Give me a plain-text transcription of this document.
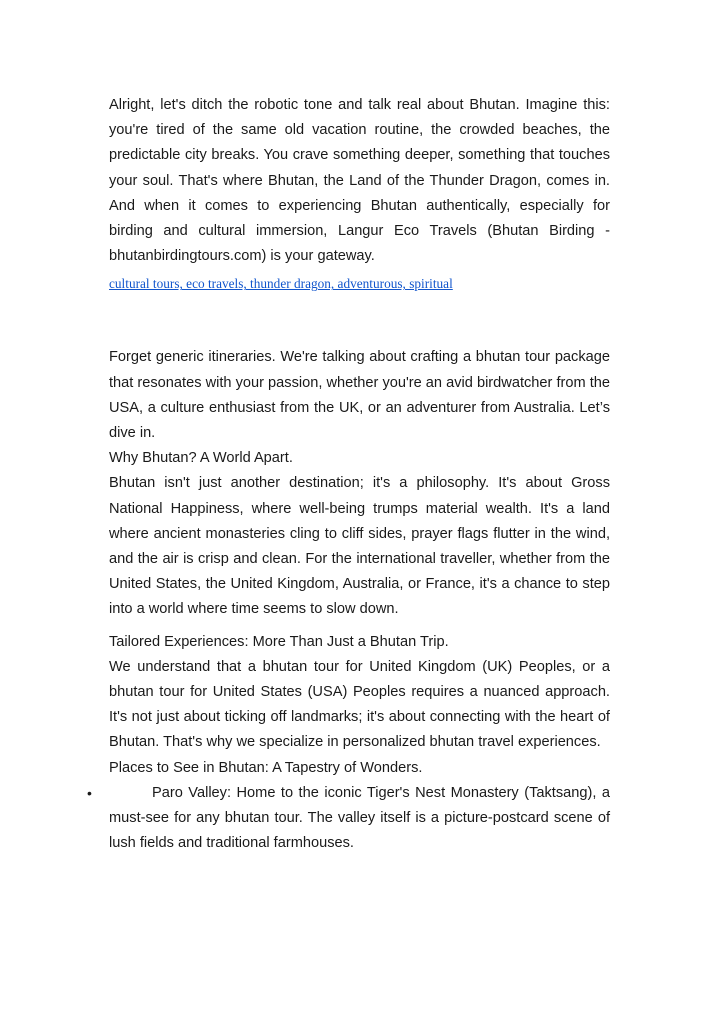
Alright, let's ditch the robotic tone and talk real about Bhutan. Imagine this: you're tired of the same old vacation routine, the crowded beaches, the predictable city breaks. You crave something deeper, something that touches your soul. That's where Bhutan, the Land of the Thunder Dragon, comes in. And when it comes to experiencing Bhutan authentically, especially for birding and cultural immersion, Langur Eco Travels (Bhutan Birding - bhutanbirdingtours.com) is your gateway.

cultural tours, eco travels, thunder dragon, adventurous, spiritual

Forget generic itineraries. We're talking about crafting a bhutan tour package that resonates with your passion, whether you're an avid birdwatcher from the USA, a culture enthusiast from the UK, or an adventurer from Australia. Let’s dive in.

Why Bhutan? A World Apart.

Bhutan isn't just another destination; it's a philosophy. It's about Gross National Happiness, where well-being trumps material wealth. It's a land where ancient monasteries cling to cliff sides, prayer flags flutter in the wind, and the air is crisp and clean. For the international traveller, whether from the United States, the United Kingdom, Australia, or France, it's a chance to step into a world where time seems to slow down.

Tailored Experiences: More Than Just a Bhutan Trip.

We understand that a bhutan tour for United Kingdom (UK) Peoples, or a bhutan tour for United States (USA) Peoples requires a nuanced approach. It's not just about ticking off landmarks; it's about connecting with the heart of Bhutan. That's why we specialize in personalized bhutan travel experiences.

Places to See in Bhutan: A Tapestry of Wonders.

•	Paro Valley: Home to the iconic Tiger's Nest Monastery (Taktsang), a must-see for any bhutan tour. The valley itself is a picture-postcard scene of lush fields and traditional farmhouses.
